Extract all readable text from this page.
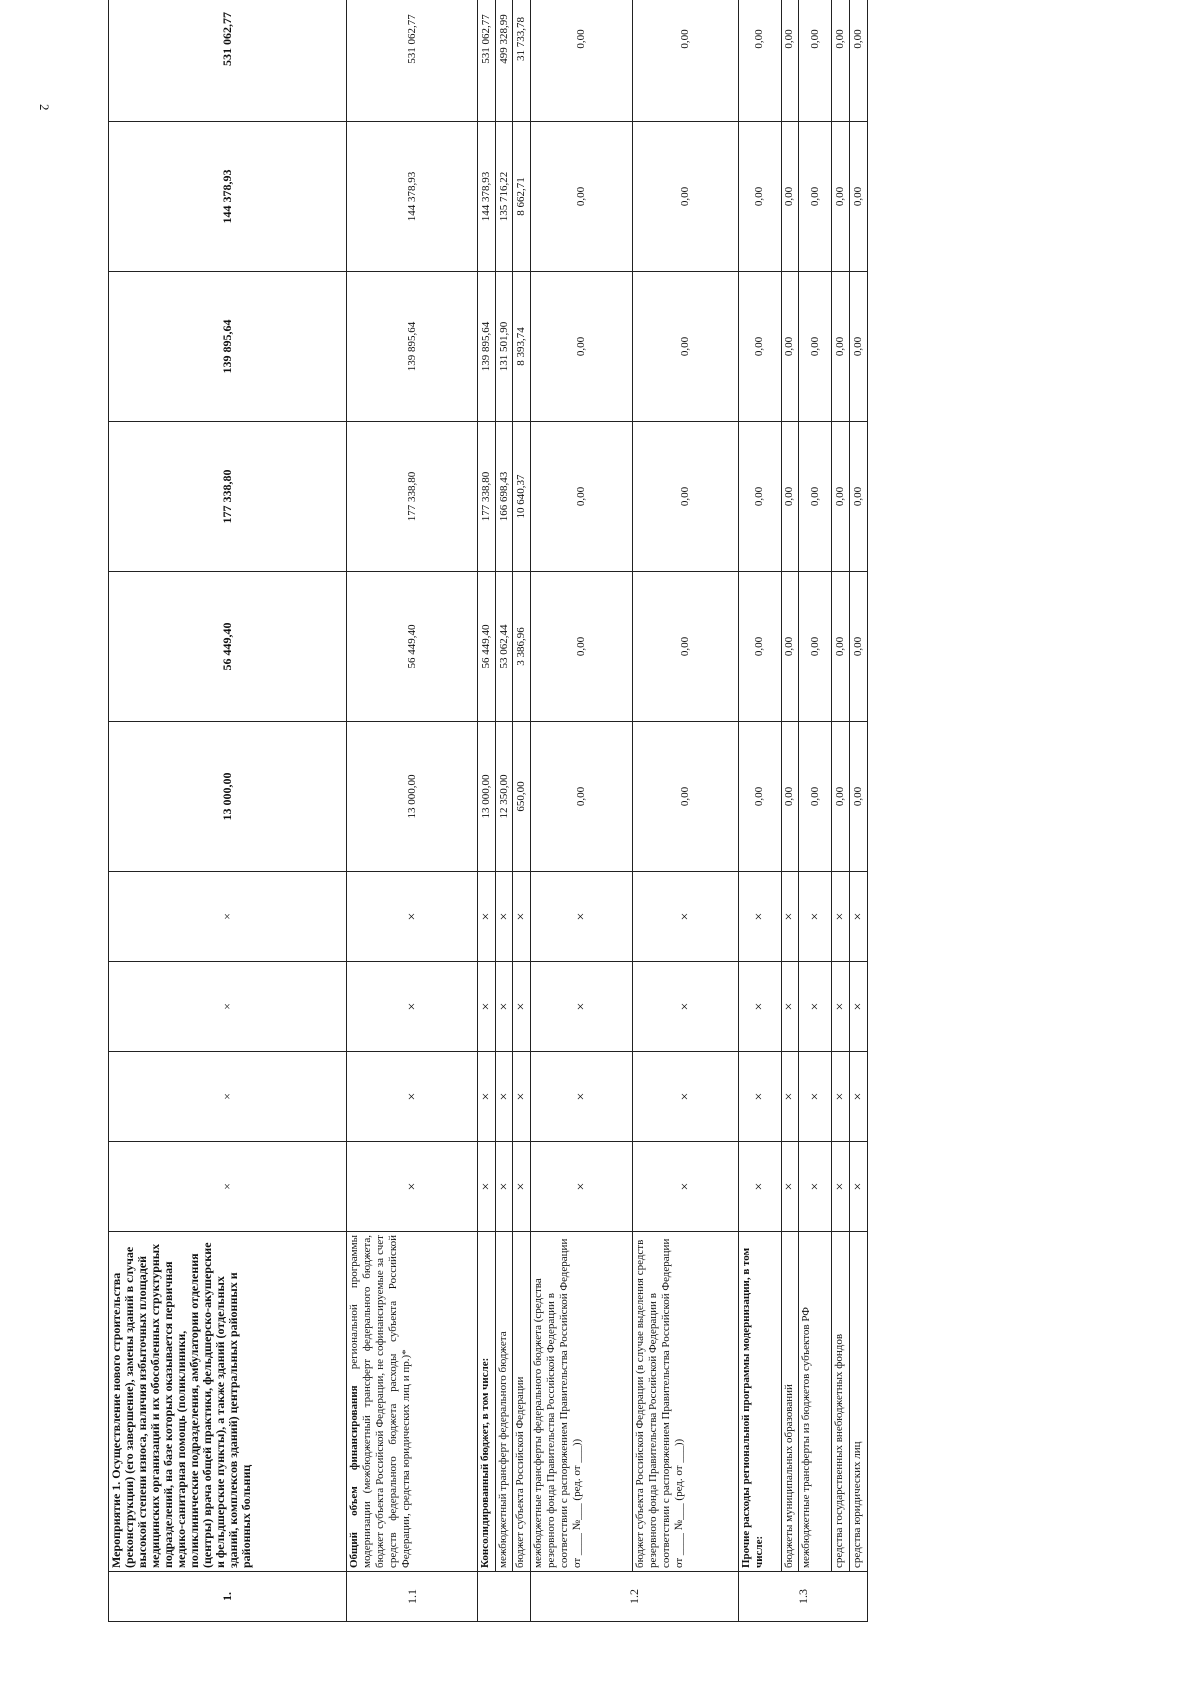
2
1.	Мероприятие 1. Осуществление нового строительства (реконструкции) (его завершение), замены зданий в случае высокой степени износа, наличия избыточных площадей медицинских организаций и их обособленных структурных подразделений, на базе которых оказывается первичная медико-санитарная помощь (поликлиники, поликлинические подразделения, амбулатории отделения (центры) врача общей практики, фельдшерско-акушерские и фельдшерские пункты), а также зданий (отдельных зданий, комплексов зданий) центральных районных и районных больниц	×	×	×	×	13 000,00	56 449,40	177 338,80	139 895,64	144 378,93	531 062,77
1.1	Общий объем финансирования региональной программы модернизации (межбюджетный трансферт федерального бюджета, бюджет субъекта Российской Федерации, не софинансируемые за счет средств федерального бюджета расходы субъекта Российской Федерации, средства юридических лиц и пр.)*	×	×	×	×	13 000,00	56 449,40	177 338,80	139 895,64	144 378,93	531 062,77
	Консолидированный бюджет, в том числе:	×	×	×	×	13 000,00	56 449,40	177 338,80	139 895,64	144 378,93	531 062,77
	межбюджетный трансферт федерального бюджета	×	×	×	×	12 350,00	53 062,44	166 698,43	131 501,90	135 716,22	499 328,99
	бюджет субъекта Российской Федерации	×	×	×	×	650,00	3 386,96	10 640,37	8 393,74	8 662,71	31 733,78
1.2	межбюджетные трансферты федерального бюджета (средства резервного фонда Правительства Российской Федерации в соответствии с распоряжением Правительства Российской Федерации от ____ №___ (ред. от ___))	×	×	×	×	0,00	0,00	0,00	0,00	0,00	0,00
	бюджет субъекта Российской Федерации (в случае выделения средств резервного фонда Правительства Российской Федерации в соответствии с распоряжением Правительства Российской Федерации от ____ №___ (ред. от ___))	×	×	×	×	0,00	0,00	0,00	0,00	0,00	0,00
1.3	Прочие расходы региональной программы модернизации, в том числе:	×	×	×	×	0,00	0,00	0,00	0,00	0,00	0,00
	бюджеты муниципальных образований	×	×	×	×	0,00	0,00	0,00	0,00	0,00	0,00
	межбюджетные трансферты из бюджетов субъектов РФ	×	×	×	×	0,00	0,00	0,00	0,00	0,00	0,00
	средства государственных внебюджетных фондов	×	×	×	×	0,00	0,00	0,00	0,00	0,00	0,00
	средства юридических лиц	×	×	×	×	0,00	0,00	0,00	0,00	0,00	0,00
